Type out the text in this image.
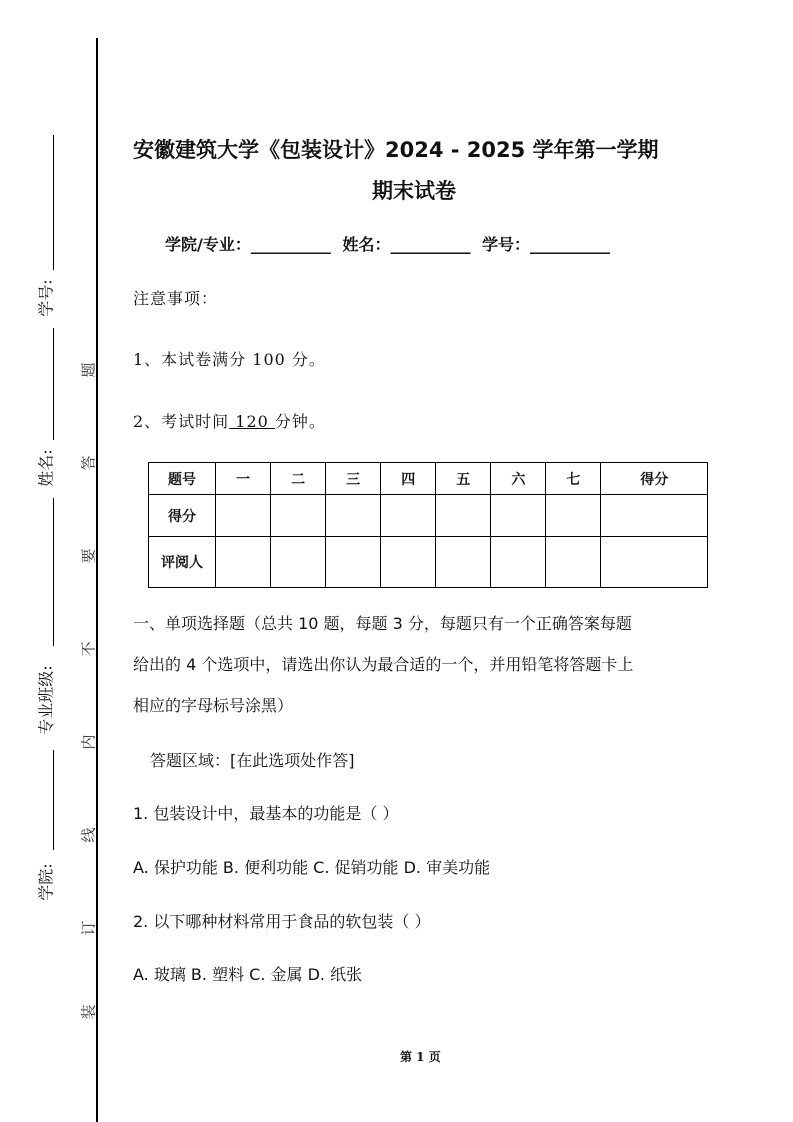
学号:
姓名:
专业班级:
学院:
题
答
要
不
内
线
订
装
安徽建筑大学《包装设计》2024 - 2025 学年第一学期
期末试卷
学院/专业：__________ 姓名：__________ 学号：__________
注意事项：
1、本试卷满分 100 分。
2、考试时间 120 分钟。
题号	一	二	三	四	五	六	七	得分
得分								
评阅人								
一、单项选择题（总共 10 题，每题 3 分，每题只有一个正确答案每题
给出的 4 个选项中，请选出你认为最合适的一个，并用铅笔将答题卡上
相应的字母标号涂黑）
答题区域：[在此选项处作答]
1. 包装设计中，最基本的功能是（ ）
A. 保护功能 B. 便利功能 C. 促销功能 D. 审美功能
2. 以下哪种材料常用于食品的软包装（ ）
A. 玻璃 B. 塑料 C. 金属 D. 纸张
第 1 页
